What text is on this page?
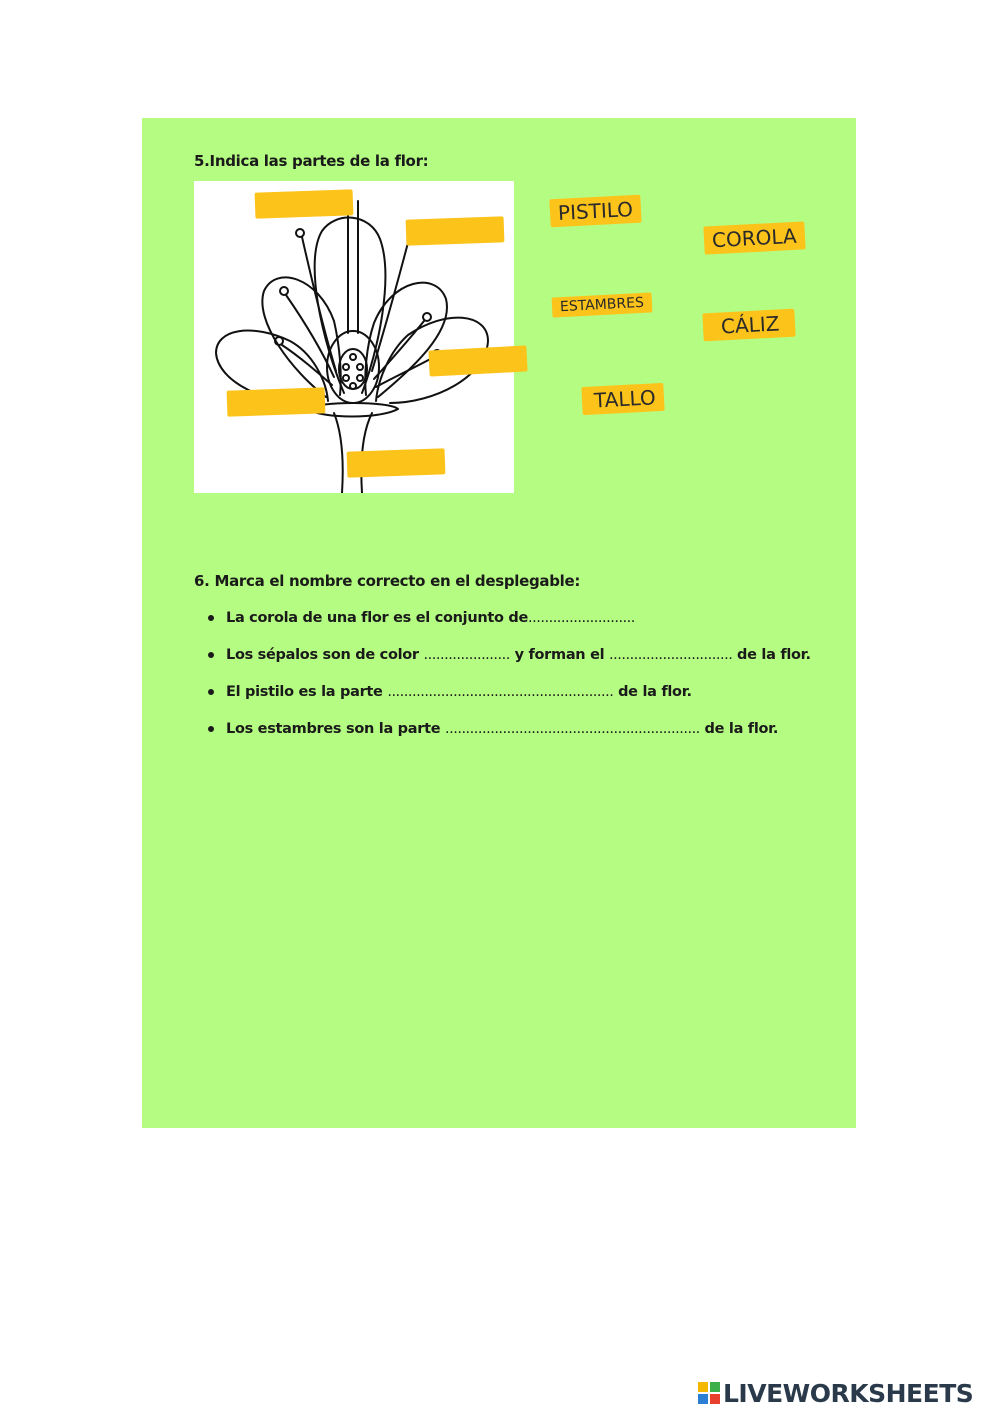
5.Indica las partes de la flor:
PISTILO
COROLA
ESTAMBRES
CÁLIZ
TALLO
6. Marca el nombre correcto en el desplegable:
La corola de una flor es el conjunto de..........................
Los sépalos son de color ..................... y forman el .............................. de la flor.
El pistilo es la parte ....................................................... de la flor.
Los estambres son la parte .............................................................. de la flor.
LIVEWORKSHEETS
